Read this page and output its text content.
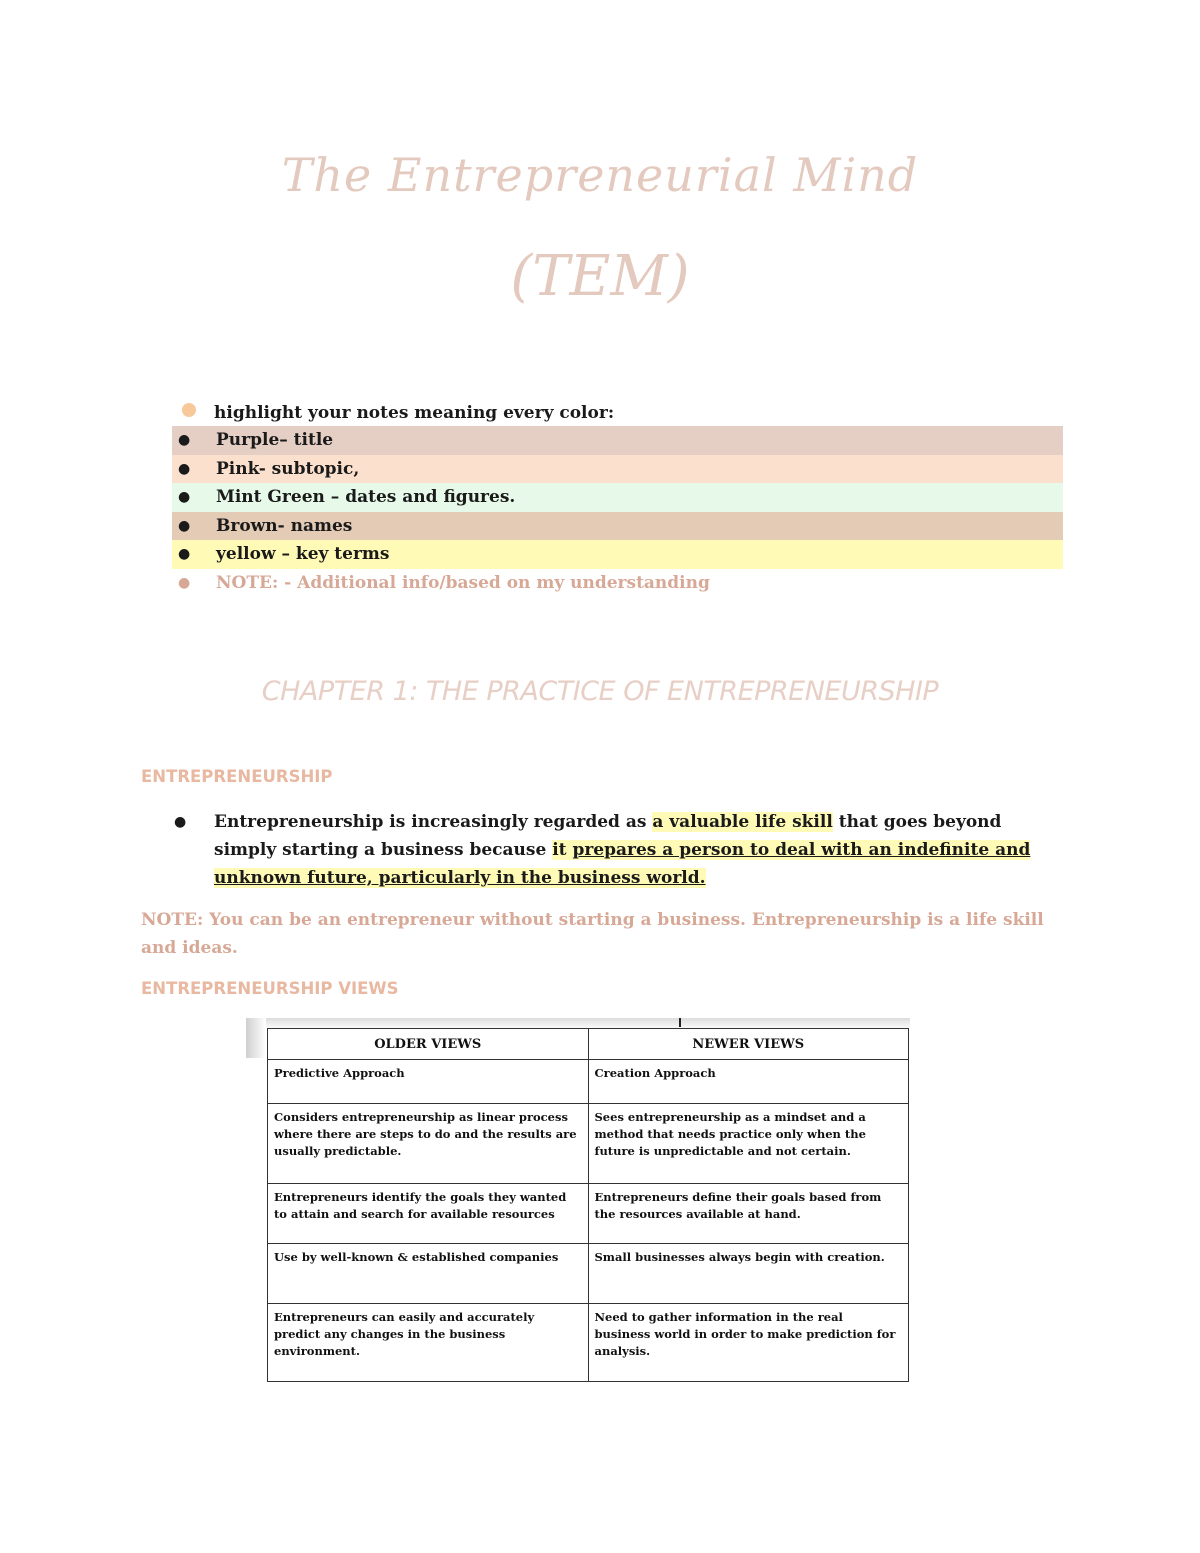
The Entrepreneurial Mind
(TEM)
highlight your notes meaning every color:
●	Purple– title
●	Pink- subtopic,
●	Mint Green – dates and figures.
●	Brown- names
●	yellow – key terms
●	NOTE: - Additional info/based on my understanding
CHAPTER 1: THE PRACTICE OF ENTREPRENEURSHIP
ENTREPRENEURSHIP
●	Entrepreneurship is increasingly regarded as a valuable life skill that goes beyond simply starting a business because it prepares a person to deal with an indefinite and unknown future, particularly in the business world.
NOTE: You can be an entrepreneur without starting a business. Entrepreneurship is a life skill and ideas.
ENTREPRENEURSHIP VIEWS
OLDER VIEWS	NEWER VIEWS
Predictive Approach	Creation Approach
Considers entrepreneurship as linear process where there are steps to do and the results are usually predictable.	Sees entrepreneurship as a mindset and a method that needs practice only when the future is unpredictable and not certain.
Entrepreneurs identify the goals they wanted to attain and search for available resources	Entrepreneurs define their goals based from the resources available at hand.
Use by well-known & established companies	Small businesses always begin with creation.
Entrepreneurs can easily and accurately predict any changes in the business environment.	Need to gather information in the real business world in order to make prediction for analysis.
